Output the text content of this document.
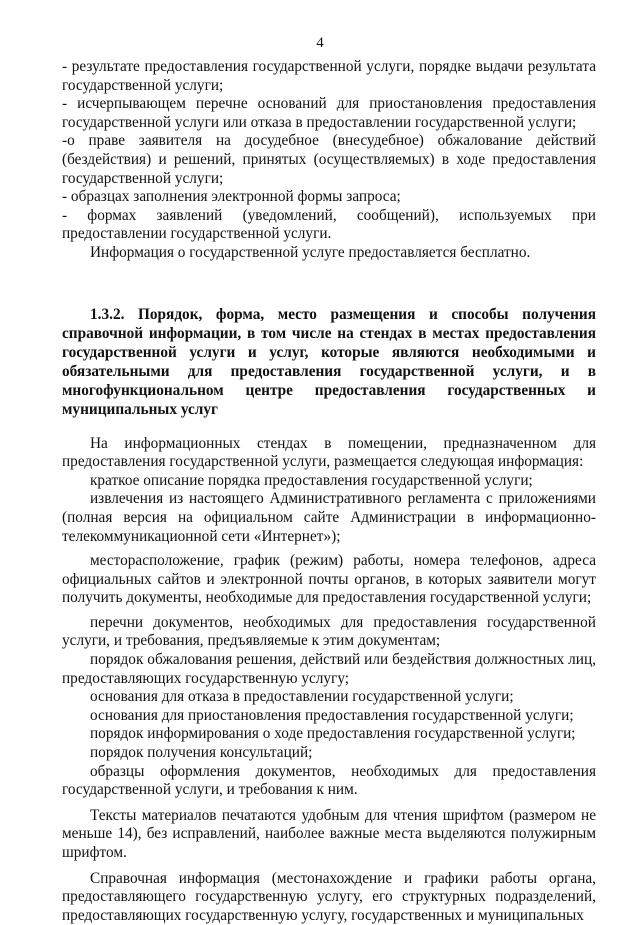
4

- результате предоставления государственной услуги, порядке выдачи результата государственной услуги;

- исчерпывающем перечне оснований для приостановления предоставления государственной услуги или отказа в предоставлении государственной услуги;

-о праве заявителя на досудебное (внесудебное) обжалование действий (бездействия) и решений, принятых (осуществляемых) в ходе предоставления государственной услуги;

- образцах заполнения электронной формы запроса;

- формах заявлений (уведомлений, сообщений), используемых при предоставлении государственной услуги.

Информация о государственной услуге предоставляется бесплатно.

1.3.2. Порядок, форма, место размещения и способы получения справочной информации, в том числе на стендах в местах предоставления государственной услуги и услуг, которые являются необходимыми и обязательными для предоставления государственной услуги, и в многофункциональном центре предоставления государственных и муниципальных услуг

На информационных стендах в помещении, предназначенном для предоставления государственной услуги, размещается следующая информация:

краткое описание порядка предоставления государственной услуги;

извлечения из настоящего Административного регламента с приложениями (полная версия на официальном сайте Администрации в информационно-телекоммуникационной сети «Интернет»);

месторасположение, график (режим) работы, номера телефонов, адреса официальных сайтов и электронной почты органов, в которых заявители могут получить документы, необходимые для предоставления государственной услуги;

перечни документов, необходимых для предоставления государственной услуги, и требования, предъявляемые к этим документам;

порядок обжалования решения, действий или бездействия должностных лиц, предоставляющих государственную услугу;

основания для отказа в предоставлении государственной услуги;

основания для приостановления предоставления государственной услуги;

порядок информирования о ходе предоставления государственной услуги;

порядок получения консультаций;

образцы оформления документов, необходимых для предоставления государственной услуги, и требования к ним.

Тексты материалов печатаются удобным для чтения шрифтом (размером не меньше 14), без исправлений, наиболее важные места выделяются полужирным шрифтом.

Справочная информация (местонахождение и графики работы органа, предоставляющего государственную услугу, его структурных подразделений, предоставляющих государственную услугу, государственных и муниципальных
